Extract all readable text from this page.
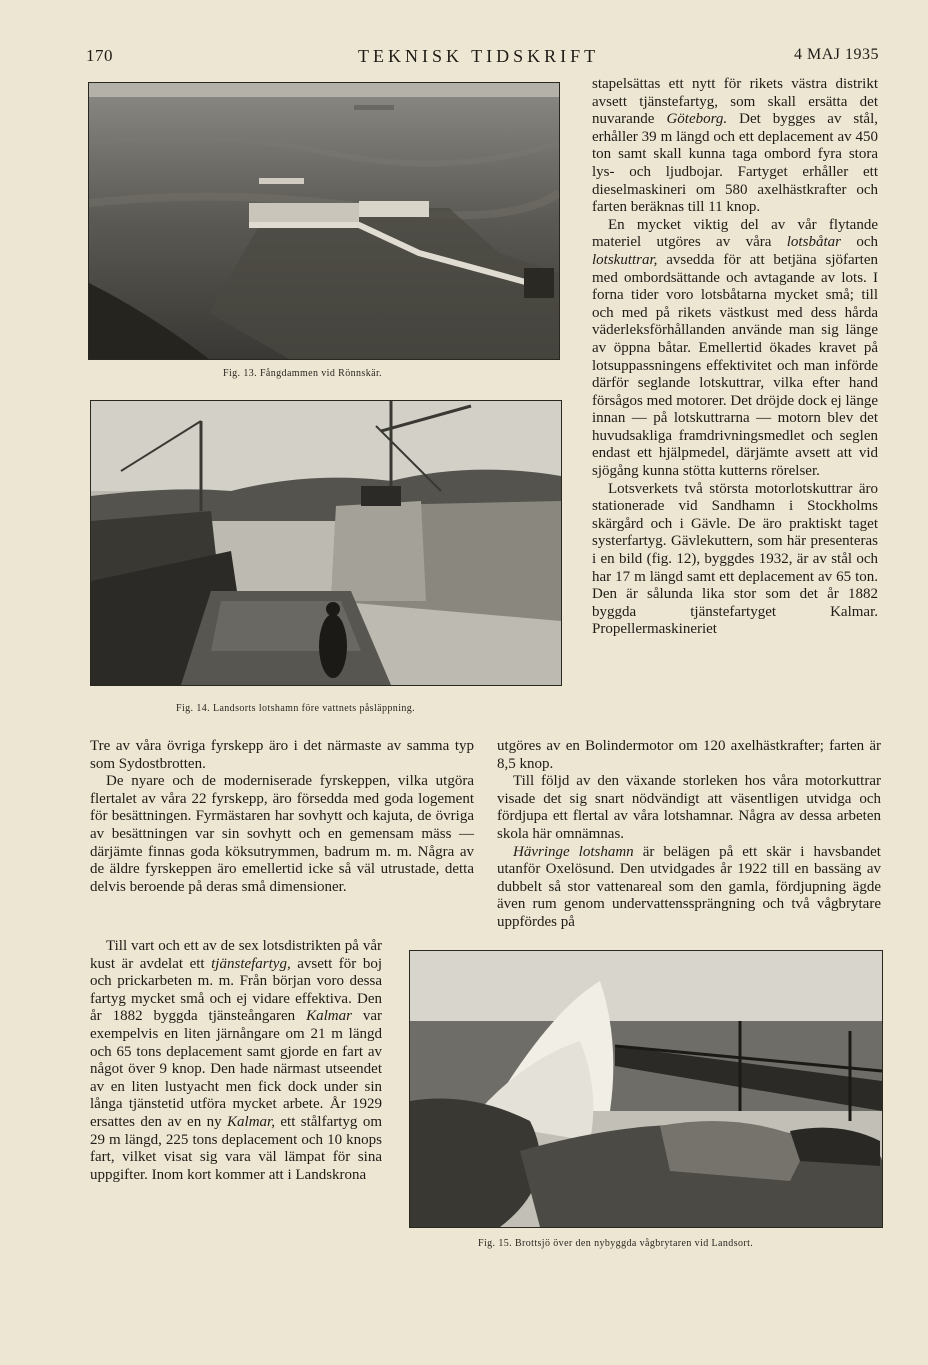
170	TEKNISK TIDSKRIFT	4 MAJ 1935
Fig. 13. Fångdammen vid Rönnskär.
Fig. 14. Landsorts lotshamn före vattnets påsläppning.

stapelsättas ett nytt för rikets västra distrikt avsett tjänstefartyg, som skall ersätta det nuvarande Göteborg. Det bygges av stål, erhåller 39 m längd och ett deplacement av 450 ton samt skall kunna taga ombord fyra stora lys- och ljudbojar. Fartyget erhåller ett dieselmaskineri om 580 axelhästkrafter och farten beräknas till 11 knop.

En mycket viktig del av vår flytande materiel utgöres av våra lotsbåtar och lotskuttrar, avsedda för att betjäna sjöfarten med ombordsättande och avtagande av lots. I forna tider voro lotsbåtarna mycket små; till och med på rikets västkust med dess hårda väderleksförhållanden använde man sig länge av öppna båtar. Emellertid ökades kravet på lotsuppassningens effektivitet och man införde därför seglande lotskuttrar, vilka efter hand försågos med motorer. Det dröjde dock ej länge innan — på lotskuttrarna — motorn blev det huvudsakliga framdrivningsmedlet och seglen endast ett hjälpmedel, därjämte avsett att vid sjögång kunna stötta kutterns rörelser.

Lotsverkets två största motorlotskuttrar äro stationerade vid Sandhamn i Stockholms skärgård och i Gävle. De äro praktiskt taget systerfartyg. Gävlekuttern, som här presenteras i en bild (fig. 12), byggdes 1932, är av stål och har 17 m längd samt ett deplacement av 65 ton. Den är sålunda lika stor som det år 1882 byggda tjänstefartyget Kalmar. Propellermaskineriet

Tre av våra övriga fyrskepp äro i det närmaste av samma typ som Sydostbrotten.

De nyare och de moderniserade fyrskeppen, vilka utgöra flertalet av våra 22 fyrskepp, äro försedda med goda logement för besättningen. Fyrmästaren har sovhytt och kajuta, de övriga av besättningen var sin sovhytt och en gemensam mäss — därjämte finnas goda köksutrymmen, badrum m. m. Några av de äldre fyrskeppen äro emellertid icke så väl utrustade, detta delvis beroende på deras små dimensioner.

utgöres av en Bolindermotor om 120 axelhästkrafter; farten är 8,5 knop.

Till följd av den växande storleken hos våra motorkuttrar visade det sig snart nödvändigt att väsentligen utvidga och fördjupa ett flertal av våra lotshamnar. Några av dessa arbeten skola här omnämnas.

Hävringe lotshamn är belägen på ett skär i havsbandet utanför Oxelösund. Den utvidgades år 1922 till en bassäng av dubbelt så stor vattenareal som den gamla, fördjupning ägde även rum genom undervattenssprängning och två vågbrytare uppfördes på

Till vart och ett av de sex lotsdistrikten på vår kust är avdelat ett tjänstefartyg, avsett för boj och prickarbeten m. m. Från början voro dessa fartyg mycket små och ej vidare effektiva. Den år 1882 byggda tjänsteångaren Kalmar var exempelvis en liten järnångare om 21 m längd och 65 tons deplacement samt gjorde en fart av något över 9 knop. Den hade närmast utseendet av en liten lustyacht men fick dock under sin långa tjänstetid utföra mycket arbete. År 1929 ersattes den av en ny Kalmar, ett stålfartyg om 29 m längd, 225 tons deplacement och 10 knops fart, vilket visat sig vara väl lämpat för sina uppgifter. Inom kort kommer att i Landskrona

Fig. 15. Brottsjö över den nybyggda vågbrytaren vid Landsort.
